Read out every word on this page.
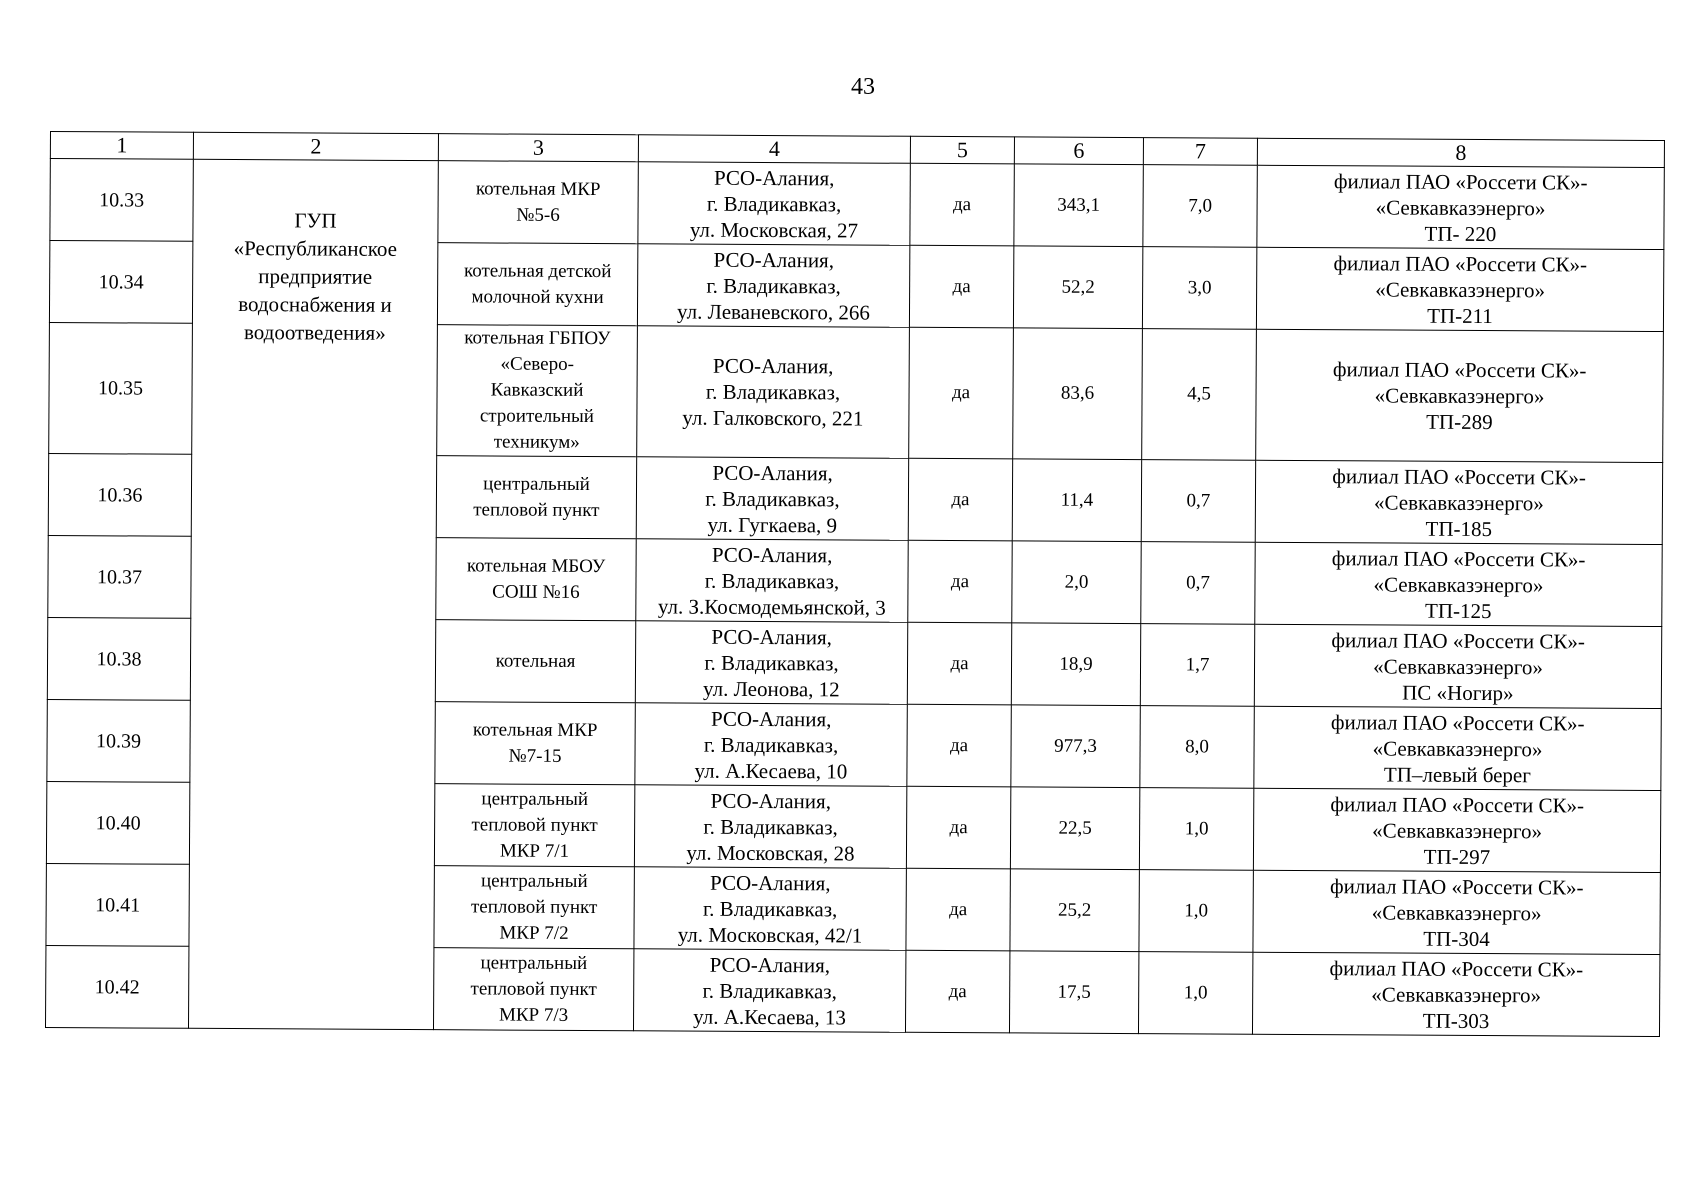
43
1	2	3	4	5	6	7	8
10.33	ГУП
«Республиканское
предприятие
водоснабжения и
водоотведения»	котельная МКР
№5-6	РСО-Алания,
г. Владикавказ,
ул. Московская, 27	да	343,1	7,0	филиал ПАО «Россети СК»-
«Севкавказэнерго»
ТП- 220

10.34		котельная детской
молочной кухни	РСО-Алания,
г. Владикавказ,
ул. Леваневского, 266	да	52,2	3,0	филиал ПАО «Россети СК»-
«Севкавказэнерго»
ТП-211

10.35		котельная ГБПОУ
«Северо-
Кавказский
строительный
техникум»	РСО-Алания,
г. Владикавказ,
ул. Галковского, 221	да	83,6	4,5	филиал ПАО «Россети СК»-
«Севкавказэнерго»
ТП-289

10.36		центральный
тепловой пункт	РСО-Алания,
г. Владикавказ,
ул. Гугкаева, 9	да	11,4	0,7	филиал ПАО «Россети СК»-
«Севкавказэнерго»
ТП-185

10.37		котельная МБОУ
СОШ №16	РСО-Алания,
г. Владикавказ,
ул. З.Космодемьянской, 3	да	2,0	0,7	филиал ПАО «Россети СК»-
«Севкавказэнерго»
ТП-125

10.38		котельная	РСО-Алания,
г. Владикавказ,
ул. Леонова, 12	да	18,9	1,7	филиал ПАО «Россети СК»-
«Севкавказэнерго»
ПС «Ногир»

10.39		котельная МКР
№7-15	РСО-Алания,
г. Владикавказ,
ул. А.Кесаева, 10	да	977,3	8,0	филиал ПАО «Россети СК»-
«Севкавказэнерго»
ТП–левый берег

10.40		центральный
тепловой пункт
МКР 7/1	РСО-Алания,
г. Владикавказ,
ул. Московская, 28	да	22,5	1,0	филиал ПАО «Россети СК»-
«Севкавказэнерго»
ТП-297

10.41		центральный
тепловой пункт
МКР 7/2	РСО-Алания,
г. Владикавказ,
ул. Московская, 42/1	да	25,2	1,0	филиал ПАО «Россети СК»-
«Севкавказэнерго»
ТП-304

10.42		центральный
тепловой пункт
МКР 7/3	РСО-Алания,
г. Владикавказ,
ул. А.Кесаева, 13	да	17,5	1,0	филиал ПАО «Россети СК»-
«Севкавказэнерго»
ТП-303
